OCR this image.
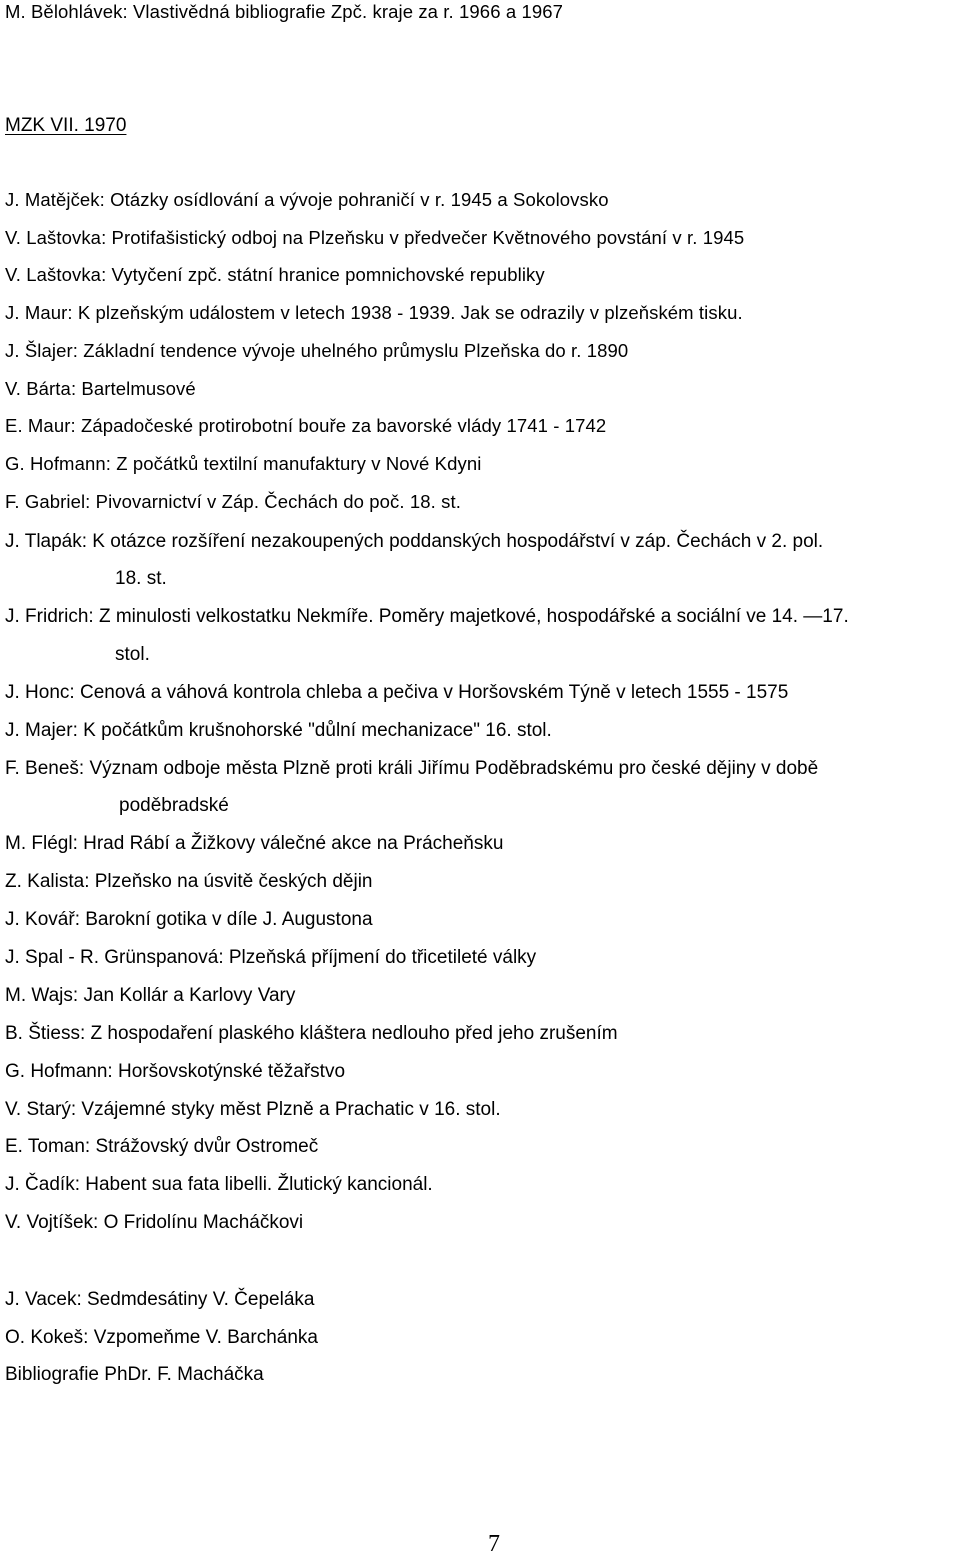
M. Bělohlávek: Vlastivědná bibliografie Zpč. kraje za r. 1966 a 1967
MZK VII. 1970
J. Matějček: Otázky osídlování a vývoje pohraničí v r. 1945 a Sokolovsko
V. Laštovka: Protifašistický odboj na Plzeňsku v předvečer Květnového povstání v r. 1945
V. Laštovka: Vytyčení zpč. státní hranice pomnichovské republiky
J. Maur: K plzeňským událostem v letech 1938 - 1939. Jak se odrazily v plzeňském tisku.
J. Šlajer: Základní tendence vývoje uhelného průmyslu Plzeňska do r. 1890
V. Bárta: Bartelmusové
E. Maur: Západočeské protirobotní bouře za bavorské vlády 1741 - 1742
G. Hofmann: Z počátků textilní manufaktury v Nové Kdyni
F. Gabriel: Pivovarnictví v Záp. Čechách do poč. 18. st.
J. Tlapák: K otázce rozšíření nezakoupených poddanských hospodářství v záp. Čechách v 2. pol.
18. st.
J. Fridrich: Z minulosti velkostatku Nekmíře. Poměry majetkové, hospodářské a sociální ve 14. —17.
stol.
J. Honc: Cenová a váhová kontrola chleba a pečiva v Horšovském Týně v letech 1555 - 1575
J. Majer: K počátkům krušnohorské "důlní mechanizace" 16. stol.
F. Beneš: Význam odboje města Plzně proti králi Jiřímu Poděbradskému pro české dějiny v době
poděbradské
M. Flégl: Hrad Rábí a Žižkovy válečné akce na Prácheňsku
Z. Kalista: Plzeňsko na úsvitě českých dějin
J. Kovář: Barokní gotika v díle J. Augustona
J. Spal - R. Grünspanová: Plzeňská příjmení do třicetileté války
M. Wajs: Jan Kollár a Karlovy Vary
B. Štiess: Z hospodaření plaského kláštera nedlouho před jeho zrušením
G. Hofmann: Horšovskotýnské těžařstvo
V. Starý: Vzájemné styky měst Plzně a Prachatic v 16. stol.
E. Toman: Strážovský dvůr Ostromeč
J. Čadík: Habent sua fata libelli. Žlutický kancionál.
V. Vojtíšek: O Fridolínu Macháčkovi
J. Vacek: Sedmdesátiny V. Čepeláka
O. Kokeš: Vzpomeňme V. Barchánka
Bibliografie PhDr. F. Macháčka
7
